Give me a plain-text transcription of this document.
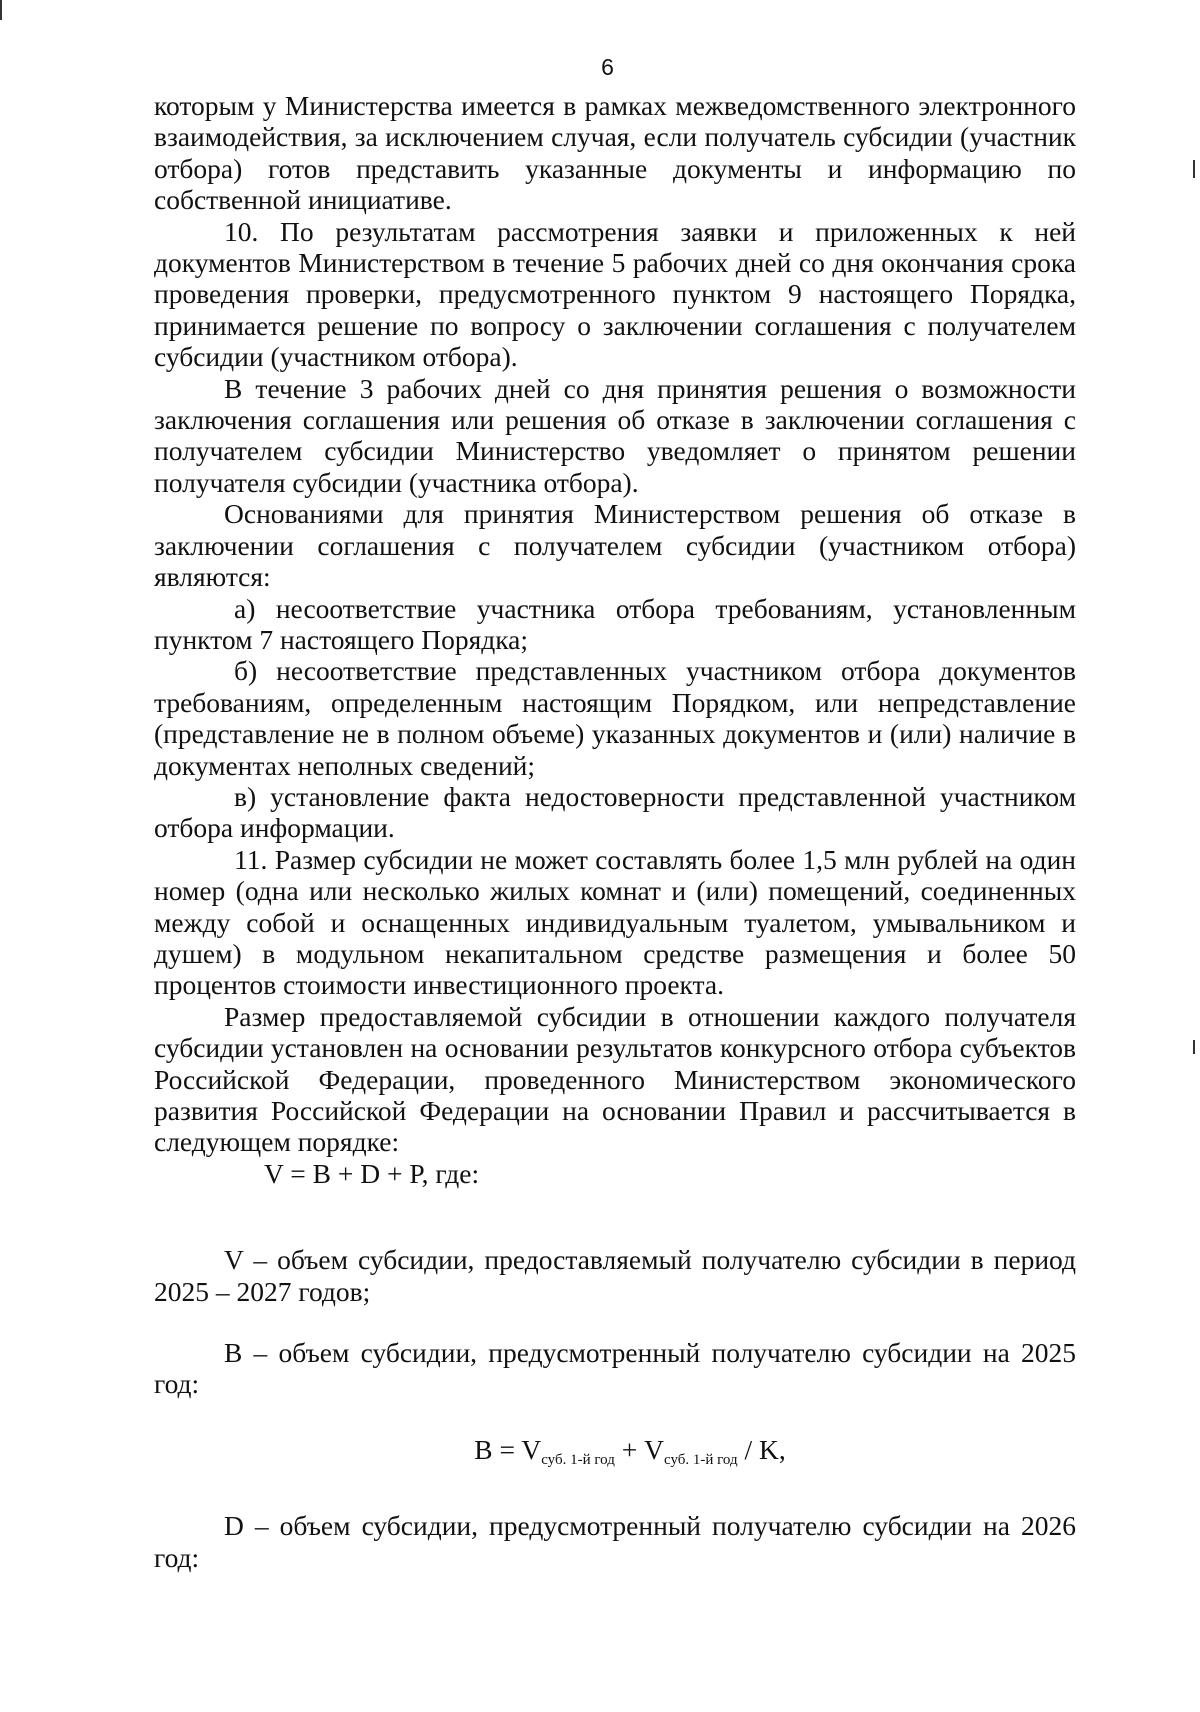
6

которым у Министерства имеется в рамках межведомственного электронного взаимодействия, за исключением случая, если получатель субсидии (участник отбора) готов представить указанные документы и информацию по собственной инициативе.

10. По результатам рассмотрения заявки и приложенных к ней документов Министерством в течение 5 рабочих дней со дня окончания срока проведения проверки, предусмотренного пунктом 9 настоящего Порядка, принимается решение по вопросу о заключении соглашения с получателем субсидии (участником отбора).

В течение 3 рабочих дней со дня принятия решения о возможности заключения соглашения или решения об отказе в заключении соглашения с получателем субсидии Министерство уведомляет о принятом решении получателя субсидии (участника отбора).

Основаниями для принятия Министерством решения об отказе в заключении соглашения с получателем субсидии (участником отбора) являются:

а) несоответствие участника отбора требованиям, установленным пунктом 7 настоящего Порядка;

б) несоответствие представленных участником отбора документов требованиям, определенным настоящим Порядком, или непредставление (представление не в полном объеме) указанных документов и (или) наличие в документах неполных сведений;

в) установление факта недостоверности представленной участником отбора информации.

11. Размер субсидии не может составлять более 1,5 млн рублей на один номер (одна или несколько жилых комнат и (или) помещений, соединенных между собой и оснащенных индивидуальным туалетом, умывальником и душем) в модульном некапитальном средстве размещения и более 50 процентов стоимости инвестиционного проекта.

Размер предоставляемой субсидии в отношении каждого получателя субсидии установлен на основании результатов конкурсного отбора субъектов Российской Федерации, проведенного Министерством экономического развития Российской Федерации на основании Правил и рассчитывается в следующем порядке:

V = B + D + P, где:

V – объем субсидии, предоставляемый получателю субсидии в период 2025 – 2027 годов;

B – объем субсидии, предусмотренный получателю субсидии на 2025 год:

$B = V_{суб. 1-й год} + V_{суб. 1-й год} / K$,

D – объем субсидии, предусмотренный получателю субсидии на 2026 год:
